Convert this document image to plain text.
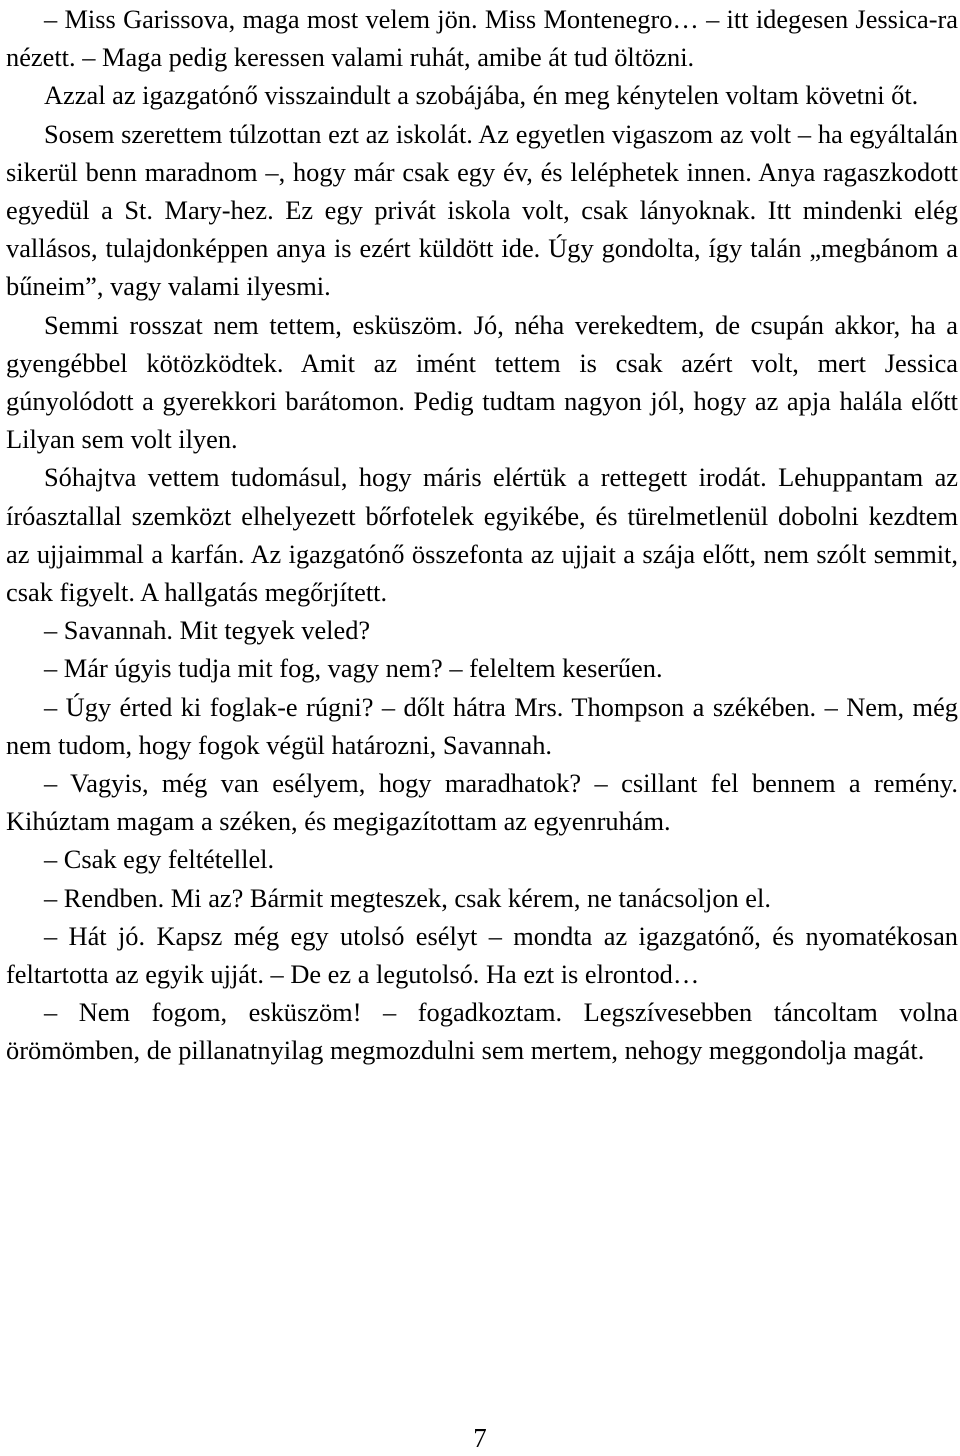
– Miss Garissova, maga most velem jön. Miss Montenegro… – itt idegesen Jessica-ra nézett. – Maga pedig keressen valami ruhát, amibe át tud öltözni.

Azzal az igazgatónő visszaindult a szobájába, én meg kénytelen voltam követni őt.

Sosem szerettem túlzottan ezt az iskolát. Az egyetlen vigaszom az volt – ha egyáltalán sikerül benn maradnom –, hogy már csak egy év, és leléphetek innen. Anya ragaszkodott egyedül a St. Mary-hez. Ez egy privát iskola volt, csak lányoknak. Itt mindenki elég vallásos, tulajdonképpen anya is ezért küldött ide. Úgy gondolta, így talán „megbánom a bűneim”, vagy valami ilyesmi.

Semmi rosszat nem tettem, esküszöm. Jó, néha verekedtem, de csupán akkor, ha a gyengébbel kötözködtek. Amit az imént tettem is csak azért volt, mert Jessica gúnyolódott a gyerekkori barátomon. Pedig tudtam nagyon jól, hogy az apja halála előtt Lilyan sem volt ilyen.

Sóhajtva vettem tudomásul, hogy máris elértük a rettegett irodát. Lehuppantam az íróasztallal szemközt elhelyezett bőrfotelek egyikébe, és türelmetlenül dobolni kezdtem az ujjaimmal a karfán. Az igazgatónő összefonta az ujjait a szája előtt, nem szólt semmit, csak figyelt. A hallgatás megőrjített.

– Savannah. Mit tegyek veled?

– Már úgyis tudja mit fog, vagy nem? – feleltem keserűen.

– Úgy érted ki foglak-e rúgni? – dőlt hátra Mrs. Thompson a székében. – Nem, még nem tudom, hogy fogok végül határozni, Savannah.

– Vagyis, még van esélyem, hogy maradhatok? – csillant fel bennem a remény. Kihúztam magam a széken, és megigazítottam az egyenruhám.

– Csak egy feltétellel.

– Rendben. Mi az? Bármit megteszek, csak kérem, ne tanácsoljon el.

– Hát jó. Kapsz még egy utolsó esélyt – mondta az igazgatónő, és nyomatékosan feltartotta az egyik ujját. – De ez a legutolsó. Ha ezt is elrontod…

– Nem fogom, esküszöm! – fogadkoztam. Legszívesebben táncoltam volna örömömben, de pillanatnyilag megmozdulni sem mertem, nehogy meggondolja magát.

7
